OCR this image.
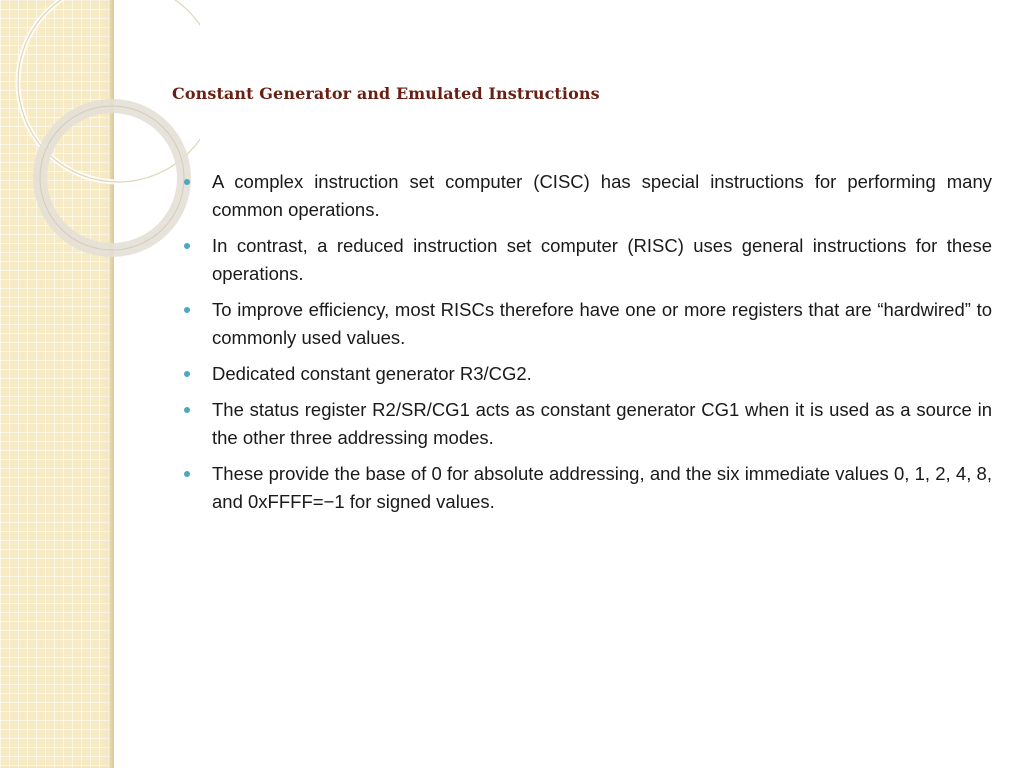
Constant Generator and Emulated Instructions
A complex instruction set computer (CISC) has special instructions for performing many common operations.
In contrast, a reduced instruction set computer (RISC) uses general instructions for these operations.
To improve efficiency, most RISCs therefore have one or more registers that are “hardwired” to commonly used values.
Dedicated constant generator R3/CG2.
The status register R2/SR/CG1 acts as constant generator CG1 when it is used as a source in the other three addressing modes.
These provide the base of 0 for absolute addressing, and the six immediate values 0, 1, 2, 4, 8, and 0xFFFF=−1 for signed values.
